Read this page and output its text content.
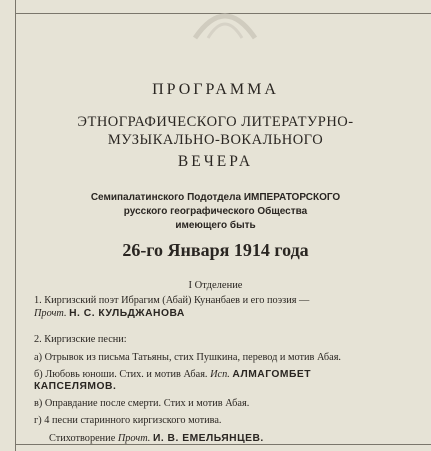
ПРОГРАММА
ЭТНОГРАФИЧЕСКОГО ЛИТЕРАТУРНО-
МУЗЫКАЛЬНО-ВОКАЛЬНОГО
ВЕЧЕРА
Семипалатинского Подотдела ИМПЕРАТОРСКОГО
русского географического Общества
имеющего быть
26-го Января 1914 года
I Отделение
1. Киргизский поэт Ибрагим (Абай) Кунанбаев и его поэзия —
Прочт. Н. С. КУЛЬДЖАНОВА
2. Киргизские песни:
а) Отрывок из письма Татьяны, стих Пушкина, перевод и мотив Абая.
б) Любовь юноши. Стих. и мотив Абая. Исп. АЛМАГОМБЕТ
КАПСЕЛЯМОВ.
в) Оправдание после смерти. Стих и мотив Абая.
г) 4 песни старинного киргизского мотива.
Стихотворение Прочт. И. В. ЕМЕЛЬЯНЦЕВ.
